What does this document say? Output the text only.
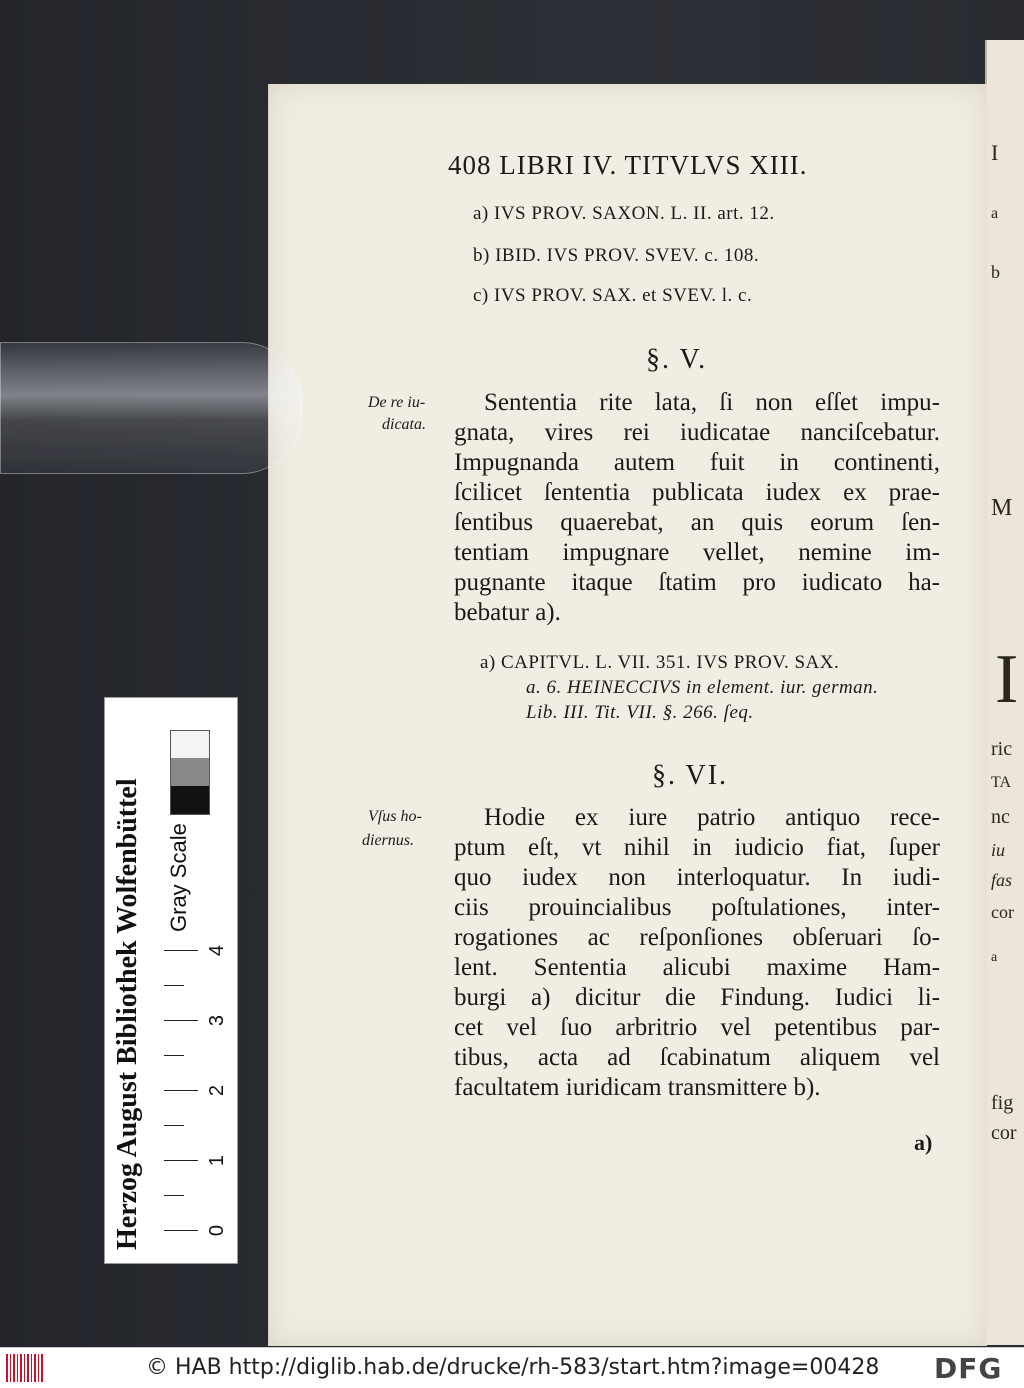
I
a
b
M
I
ric
TA
nc
iu
fas
cor
a
fig
cor
408 LIBRI IV. TITVLVS XIII.
a) IVS PROV. SAXON. L. II. art. 12.
b) IBID. IVS PROV. SVEV. c. 108.
c) IVS PROV. SAX. et SVEV. l. c.
§. V.
De re iu-
dicata.
Sententia rite lata, ſi non eſſet impu-
gnata, vires rei iudicatae nanciſcebatur.
Impugnanda autem fuit in continenti,
ſcilicet ſententia publicata iudex ex prae-
ſentibus quaerebat, an quis eorum ſen-
tentiam impugnare vellet, nemine im-
pugnante itaque ſtatim pro iudicato ha-
bebatur a).
a) CAPITVL. L. VII. 351. IVS PROV. SAX.
a. 6. HEINECCIVS in element. iur. german.
Lib. III. Tit. VII. §. 266. ſeq.
§. VI.
Vſus ho-
diernus.
Hodie ex iure patrio antiquo rece-
ptum eſt, vt nihil in iudicio fiat, ſuper
quo iudex non interloquatur. In iudi-
ciis prouincialibus poſtulationes, inter-
rogationes ac reſponſiones obſeruari ſo-
lent. Sententia alicubi maxime Ham-
burgi a) dicitur die Findung. Iudici li-
cet vel ſuo arbritrio vel petentibus par-
tibus, acta ad ſcabinatum aliquem vel
facultatem iuridicam transmittere b).
a)
Herzog August Bibliothek Wolfenbüttel Gray Scale
0
1
2
3
4
© HAB http://diglib.hab.de/drucke/rh-583/start.htm?image=00428 DFG
